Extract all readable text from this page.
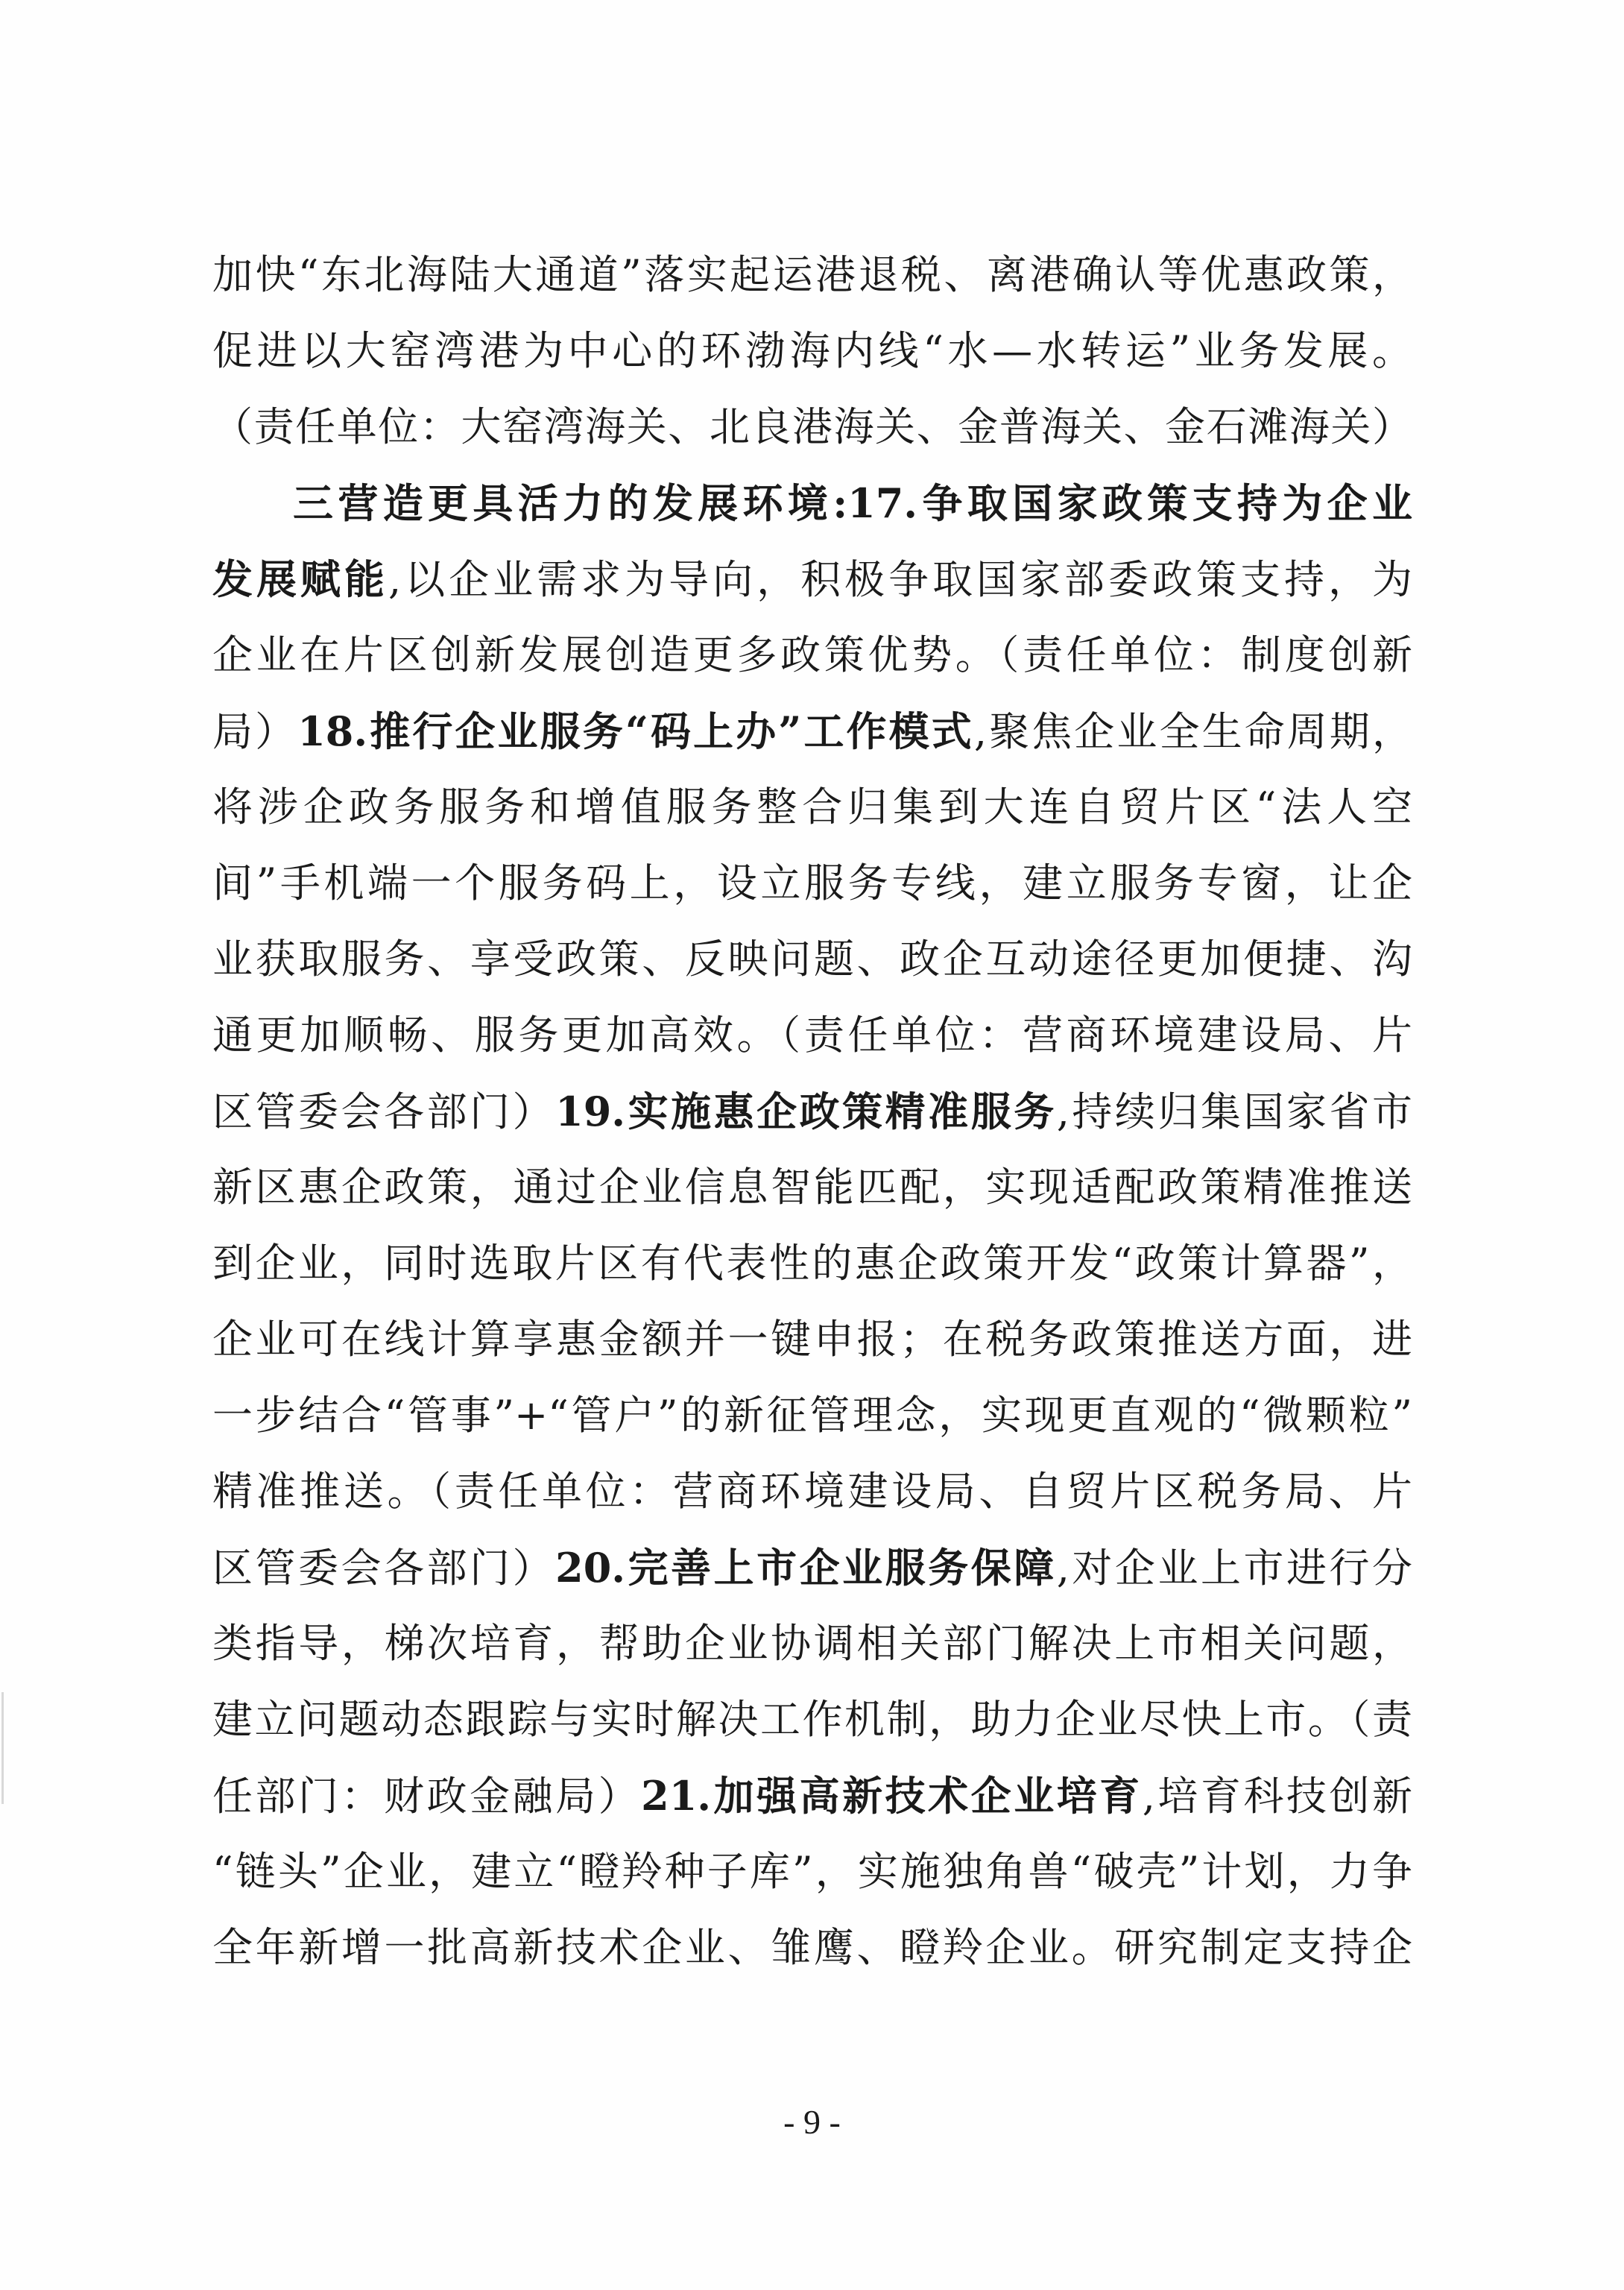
加快“东北海陆大通道”落实起运港退税、离港确认等优惠政策，
促进以大窑湾港为中心的环渤海内线“水—水转运”业务发展。
（责任单位：大窑湾海关、北良港海关、金普海关、金石滩海关）
三营造更具活力的发展环境:17.争取国家政策支持为企业
发展赋能,以企业需求为导向，积极争取国家部委政策支持，为
企业在片区创新发展创造更多政策优势。（责任单位：制度创新
局）18.推行企业服务“码上办”工作模式,聚焦企业全生命周期，
将涉企政务服务和增值服务整合归集到大连自贸片区“法人空
间”手机端一个服务码上，设立服务专线，建立服务专窗，让企
业获取服务、享受政策、反映问题、政企互动途径更加便捷、沟
通更加顺畅、服务更加高效。（责任单位：营商环境建设局、片
区管委会各部门）19.实施惠企政策精准服务,持续归集国家省市
新区惠企政策，通过企业信息智能匹配，实现适配政策精准推送
到企业，同时选取片区有代表性的惠企政策开发“政策计算器”，
企业可在线计算享惠金额并一键申报；在税务政策推送方面，进
一步结合“管事”+“管户”的新征管理念，实现更直观的“微颗粒”
精准推送。（责任单位：营商环境建设局、自贸片区税务局、片
区管委会各部门）20.完善上市企业服务保障,对企业上市进行分
类指导，梯次培育，帮助企业协调相关部门解决上市相关问题，
建立问题动态跟踪与实时解决工作机制，助力企业尽快上市。（责
任部门：财政金融局）21.加强高新技术企业培育,培育科技创新
“链头”企业，建立“瞪羚种子库”，实施独角兽“破壳”计划，力争
全年新增一批高新技术企业、雏鹰、瞪羚企业。研究制定支持企
- 9 -
